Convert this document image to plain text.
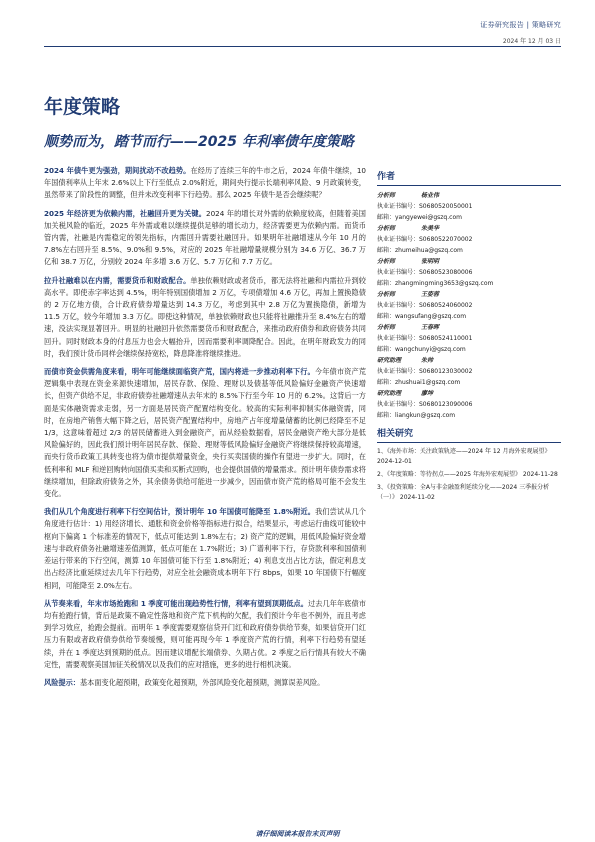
证券研究报告 | 策略研究
2024 年 12 月 03 日
年度策略
顺势而为，踏节而行——2025 年利率债年度策略

2024 年债牛更为强劲，期间扰动不改趋势。在经历了连续三年的牛市之后，2024 年债牛继续，10 年国债利率从上年末 2.6%以上下行至低点 2.0%附近，期间央行提示长端利率风险、9 月政策转变，虽然带来了阶段性的调整，但并未改变利率下行趋势。那么 2025 年债牛是否会继续呢？

2025 年经济更为依赖内需，社融回升更为关键。2024 年的增长对外需的依赖度较高，但随着美国加关税风险的临近，2025 年外需或难以继续提供足够的增长动力，经济需要更为依赖内需。而货币管内需，社融是内需稳定的领先指标，内需回升需要社融回升。如果明年社融增速从今年 10 月的 7.8%左右回升至 8.5%、9.0%和 9.5%，对应的 2025 年社融增量规模分别为 34.6 万亿、36.7 万亿和 38.7 万亿，分别较 2024 年多增 3.6 万亿、5.7 万亿和 7.7 万亿。

拉升社融难以在内需，需要货币和财政配合。单独依赖财政或者货币，都无法将社融和内需拉升到较高水平。即使赤字率达到 4.5%，明年特别国债增加 2 万亿，专项债增加 4.6 万亿，再加上置换隐债的 2 万亿地方债，合计政府债券增量达到 14.3 万亿，考虑到其中 2.8 万亿为置换隐债，新增为 11.5 万亿，较今年增加 3.3 万亿。即使这种情况，单独依赖财政也只能将社融推升至 8.4%左右的增速，没法实现显著回升。明显的社融回升依然需要货币和财政配合，来推动政府债券和政府债务共同回升。同时财政本身的付息压力也会大幅抬升，因而需要利率调降配合。因此，在明年财政发力的同时，我们预计货币同样会继续保持宽松，降息降准将继续推进。

而债市资金供需角度来看，明年可能继续面临资产荒，国内将进一步推动利率下行。今年债市资产荒逻辑集中表现在资金来源快速增加，居民存款、保险、理财以及债基等低风险偏好金融资产快速增长，但资产供给不足，非政府债券社融增速从去年末的 8.5%下行至今年 10 月的 6.2%。这背后一方面是实体融资需求走弱，另一方面是居民资产配置结构变化。较高的实际利率抑制实体融资需，同时，在房地产销售大幅下降之后，居民资产配置结构中，房地产占年度增量储蓄的比例已经降至不足 1/3，这意味着超过 2/3 的居民储蓄进入到金融资产，而从经验数据看，居民金融资产绝大部分是低风险偏好的，因此我们预计明年居民存款、保险、理财等低风险偏好金融资产将继续保持较高增速，而央行货币政策工具转变也将为债市提供增量资金，央行买卖国债的操作有望进一步扩大。同时，在低利率和 MLF 和逆回购转向国债买卖和买断式回购，也会提供国债的增量需求。预计明年债券需求将继续增加，但除政府债务之外，其余债务供给可能进一步减少，因而债市资产荒的格局可能不会发生变化。

我们从几个角度进行利率下行空间估计，预计明年 10 年国债可能降至 1.8%附近。我们尝试从几个角度进行估计：1) 用经济增长、通胀和资金价格等指标进行拟合，结果显示，考虑运行曲线可能较中枢向下偏离 1 个标准差的情况下，低点可能达到 1.8%左右；2) 资产荒的逻辑，用低风险偏好资金增速与非政府债务社融增速差值测算，低点可能在 1.7%附近；3) 广谱利率下行，存贷款利率和国债利差运行带来的下行空间，测算 10 年国债可能下行至 1.8%附近；4) 利息支出占比方法，假定利息支出占经济比重延续过去几年下行趋势，对应全社会融资成本明年下行 8bps，如果 10 年国债下行幅度相同，可能降至 2.0%左右。

从节奏来看，年末市场抢跑和 1 季度可能出现趋势性行情，利率有望到顶期低点。过去几年年底债市均有抢跑行情，背后是政策不确定性落地和资产荒下机构的欠配，我们预计今年也不例外，而且考虑到学习效应，抢跑会提前。而明年 1 季度需要观察信贷开门红和政府债券供给节奏，如果信贷开门红压力有限或者政府债券供给节奏缓慢，则可能再现今年 1 季度资产荒的行情，利率下行趋势有望延续，并在 1 季度达到预期的低点。因而建议增配长端债券、久期占优。2 季度之后行情具有较大不确定性，需要观察美国加征关税情况以及我们的应对措施，更多的进行相机决策。

风险提示：基本面变化超预期，政策变化超预期，外部风险变化超预期，测算误差风险。

作者
分析师	杨业伟
执业证书编号：S0680520050001
邮箱：yangyewei@gszq.com
分析师	朱美华
执业证书编号：S0680522070002
邮箱：zhumeihua@gszq.com
分析师	张明明
执业证书编号：S0680523080006
邮箱：zhangmingming3653@gszq.com
分析师	王姿蓉
执业证书编号：S0680524060002
邮箱：wangsufang@gszq.com
分析师	王春晖
执业证书编号：S0680524110001
邮箱：wangchunyi@gszq.com
研究助理	朱帅
执业证书编号：S0680123030002
邮箱：zhushuai1@gszq.com
研究助理	廖坤
执业证书编号：S0680123090006
邮箱：liangkun@gszq.com
相关研究
1、《海外市场：关注政策轨迹——2024 年 12 月海外宏观展望》 2024-12-01
2、《年度策略：等待拐点——2025 年海外宏观展望》 2024-11-28
3、《投资策略：全A与非金融盈利延续分化——2024 三季报分析（一）》 2024-11-02
请仔细阅读本报告末页声明
